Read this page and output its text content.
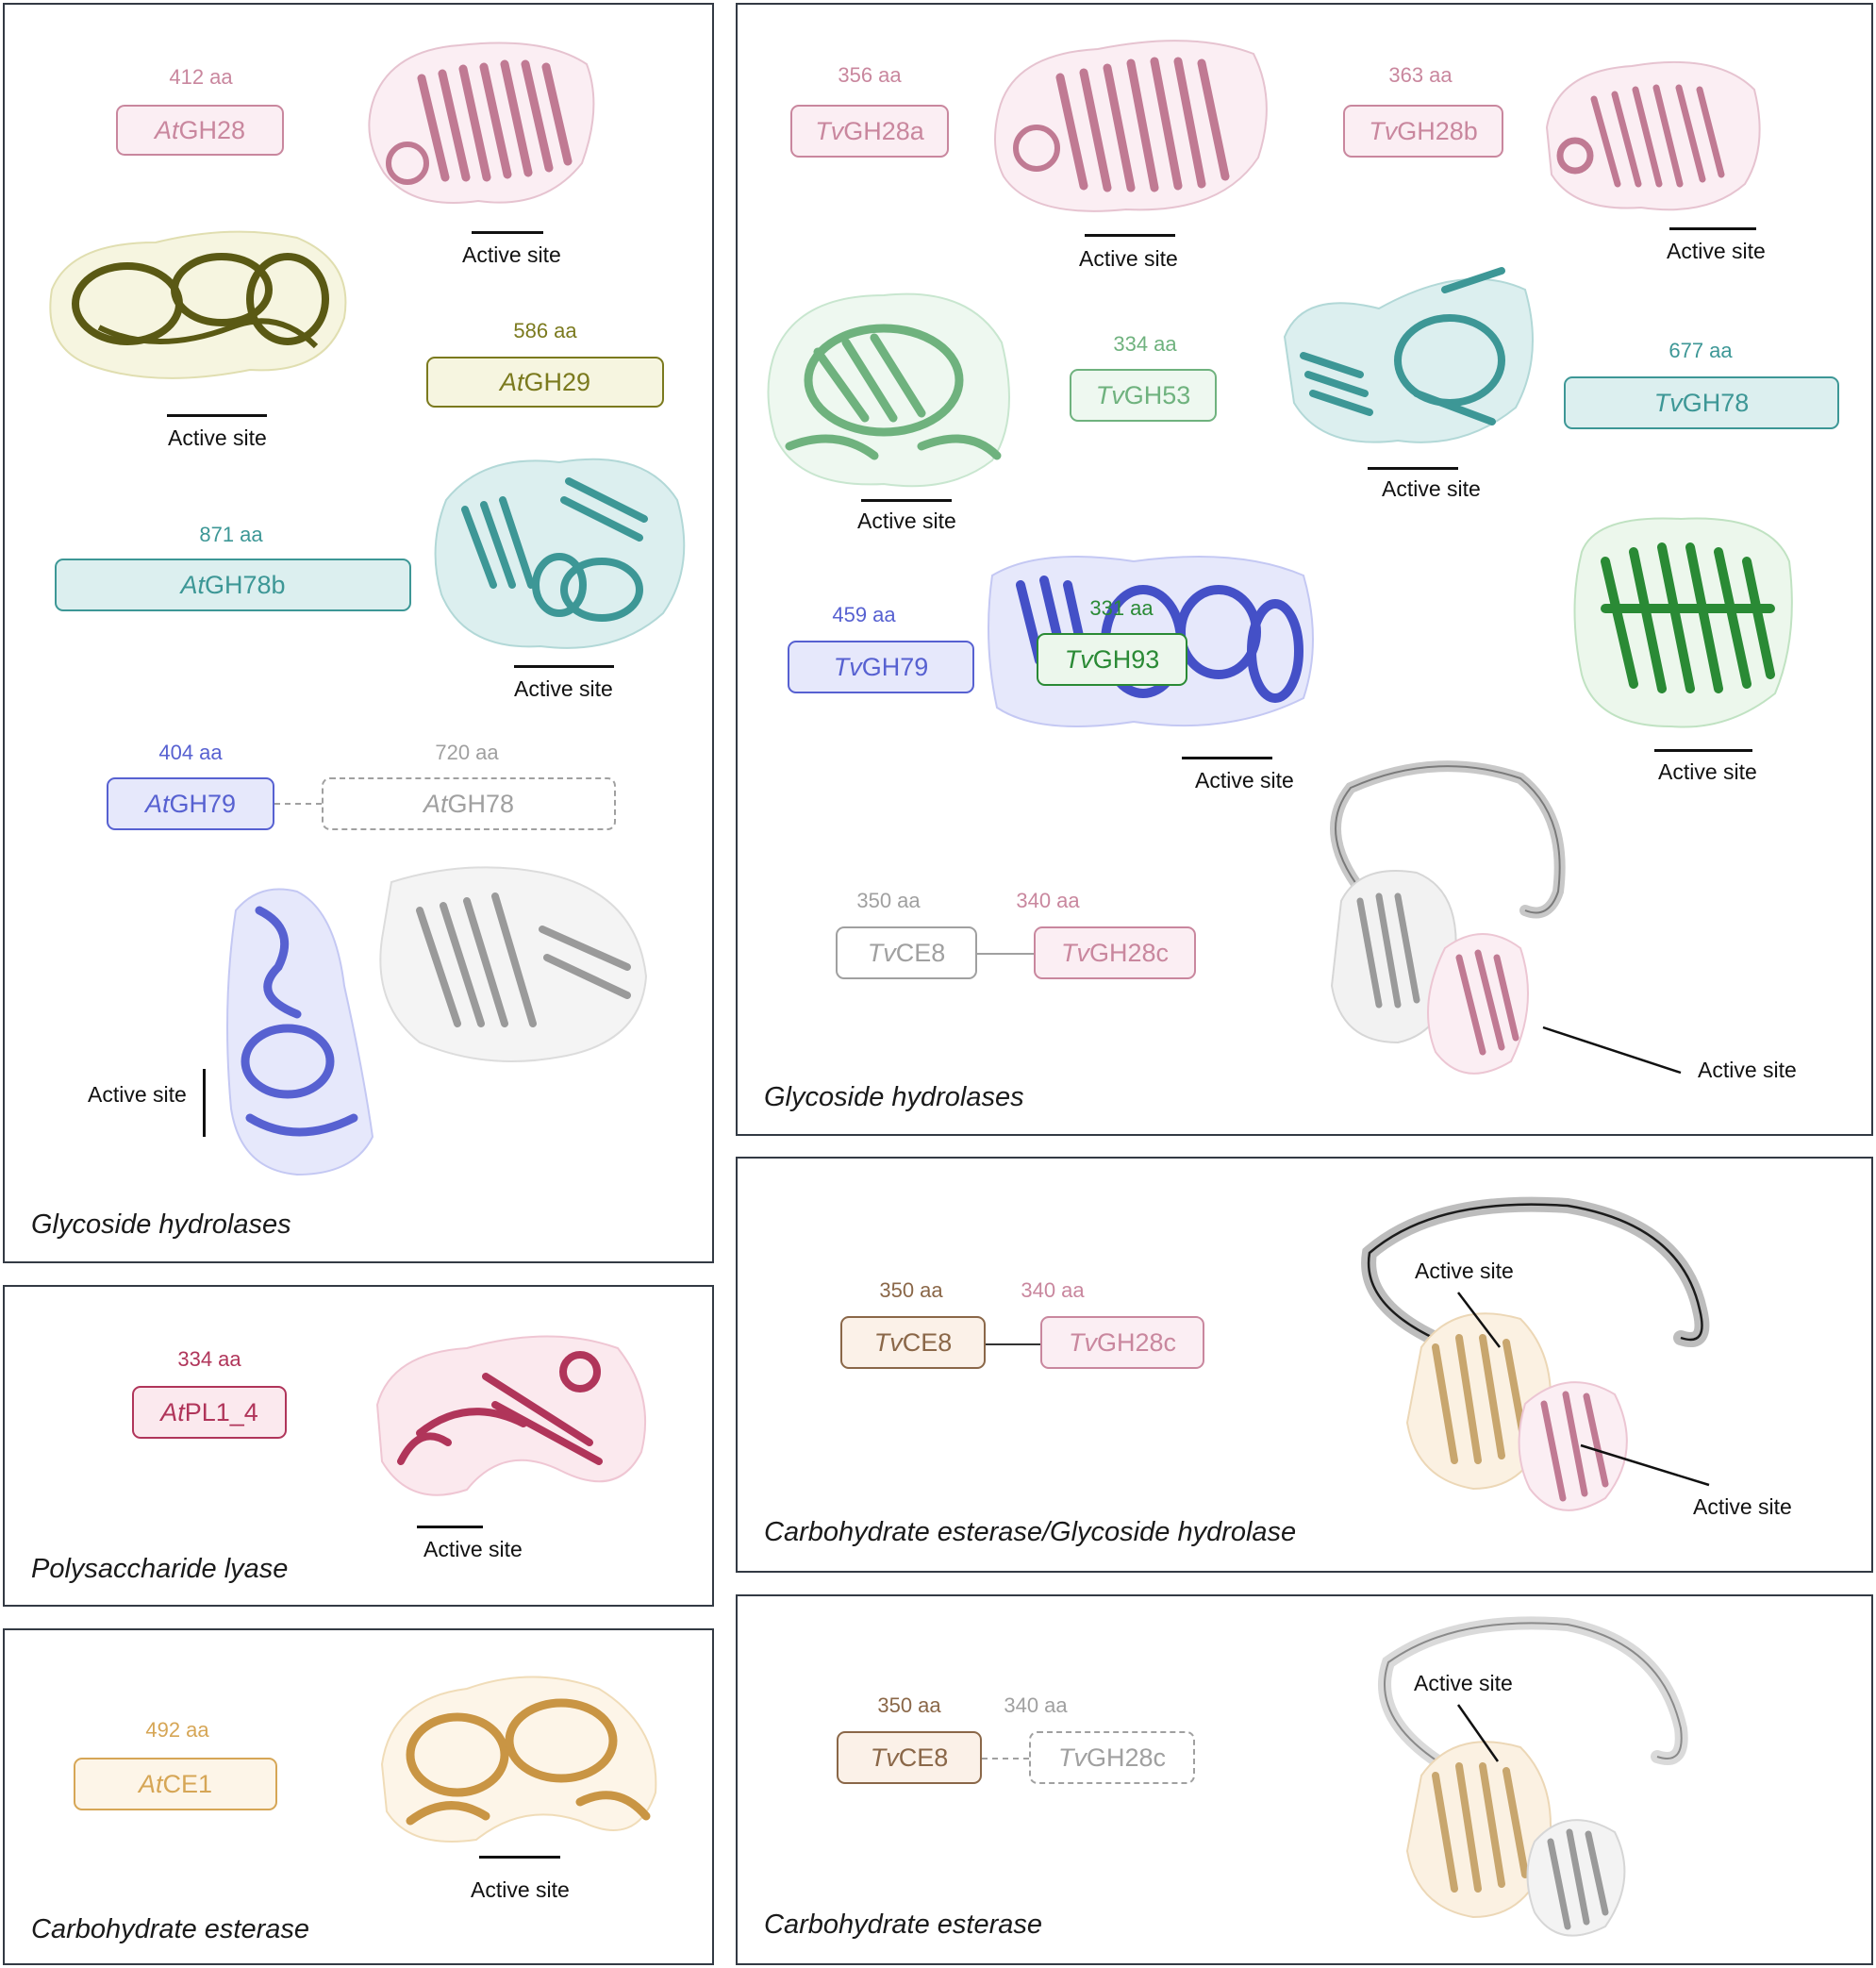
412 aa
At GH28
Active site
Active site
586 aa
At GH29
871 aa
At GH78b
Active site
404 aa
At GH79
720 aa
At GH78
Active site
Glycoside hydrolases
334 aa
At PL1_4
Active site
Polysaccharide lyase
492 aa
At CE1
Active site
Carbohydrate esterase
356 aa
Tv GH28a
Active site
363 aa
Tv GH28b
Active site
Active site
334 aa
Tv GH53
Active site
677 aa
Tv GH78
459 aa
Tv GH79
Active site
331 aa
Tv GH93
Active site
350 aa
Tv CE8
340 aa
Tv GH28c
Active site
Glycoside hydrolases
350 aa
Tv CE8
340 aa
Tv GH28c
Active site
Active site
Carbohydrate esterase/Glycoside hydrolase
350 aa
Tv CE8
340 aa
Tv GH28c
Active site
Carbohydrate esterase
